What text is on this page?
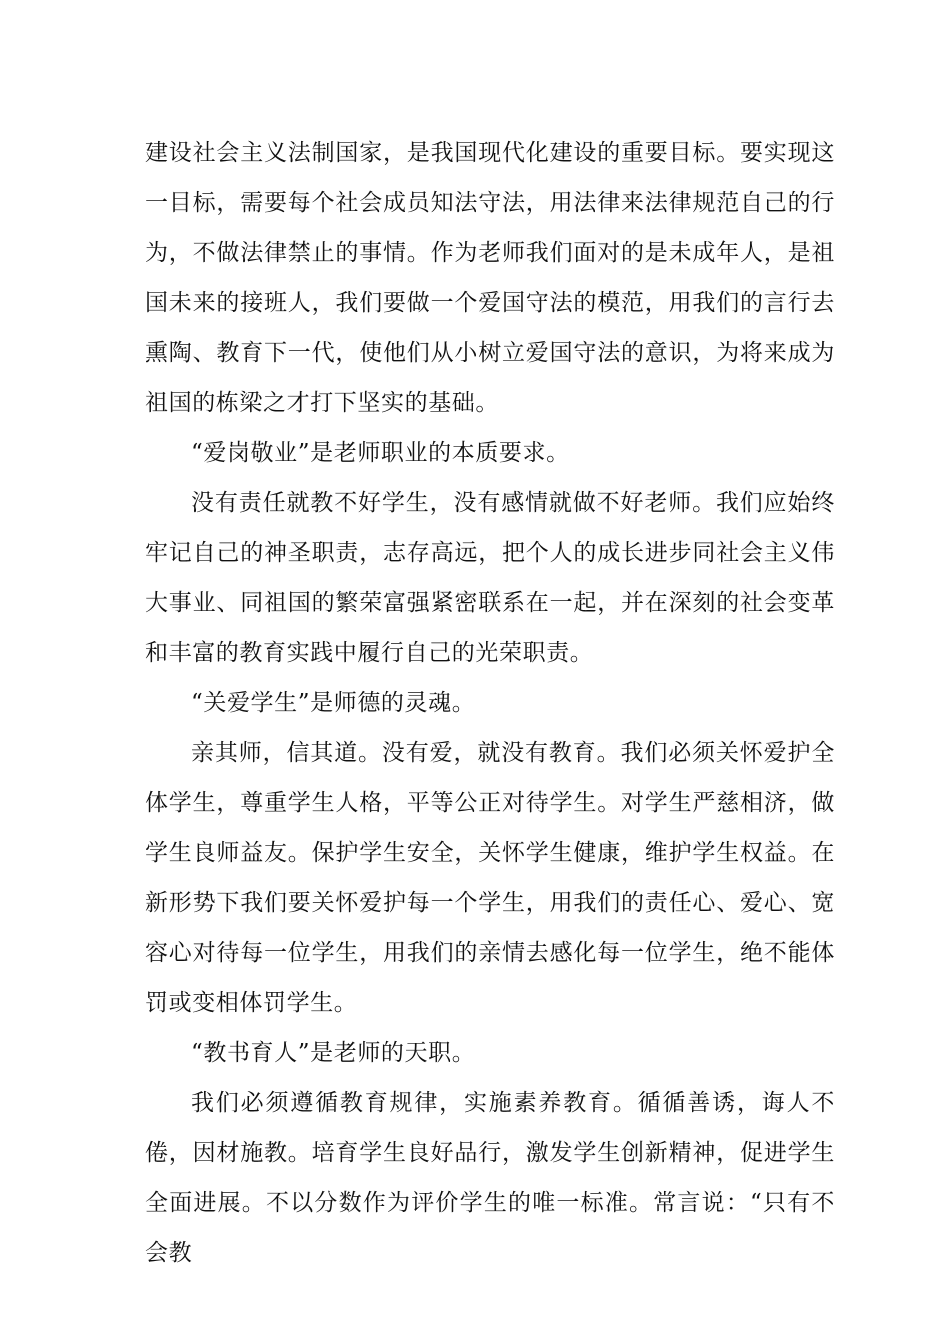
建设社会主义法制国家，是我国现代化建设的重要目标。要实现这一目标，需要每个社会成员知法守法，用法律来法律规范自己的行为，不做法律禁止的事情。作为老师我们面对的是未成年人，是祖国未来的接班人，我们要做一个爱国守法的模范，用我们的言行去熏陶、教育下一代，使他们从小树立爱国守法的意识，为将来成为祖国的栋梁之才打下坚实的基础。

“爱岗敬业”是老师职业的本质要求。

没有责任就教不好学生，没有感情就做不好老师。我们应始终牢记自己的神圣职责，志存高远，把个人的成长进步同社会主义伟大事业、同祖国的繁荣富强紧密联系在一起，并在深刻的社会变革和丰富的教育实践中履行自己的光荣职责。

“关爱学生”是师德的灵魂。

亲其师，信其道。没有爱，就没有教育。我们必须关怀爱护全体学生，尊重学生人格，平等公正对待学生。对学生严慈相济，做学生良师益友。保护学生安全，关怀学生健康，维护学生权益。在新形势下我们要关怀爱护每一个学生，用我们的责任心、爱心、宽容心对待每一位学生，用我们的亲情去感化每一位学生，绝不能体罚或变相体罚学生。

“教书育人”是老师的天职。

我们必须遵循教育规律，实施素养教育。循循善诱，诲人不倦，因材施教。培育学生良好品行，激发学生创新精神，促进学生全面进展。不以分数作为评价学生的唯一标准。常言说：“只有不会教
